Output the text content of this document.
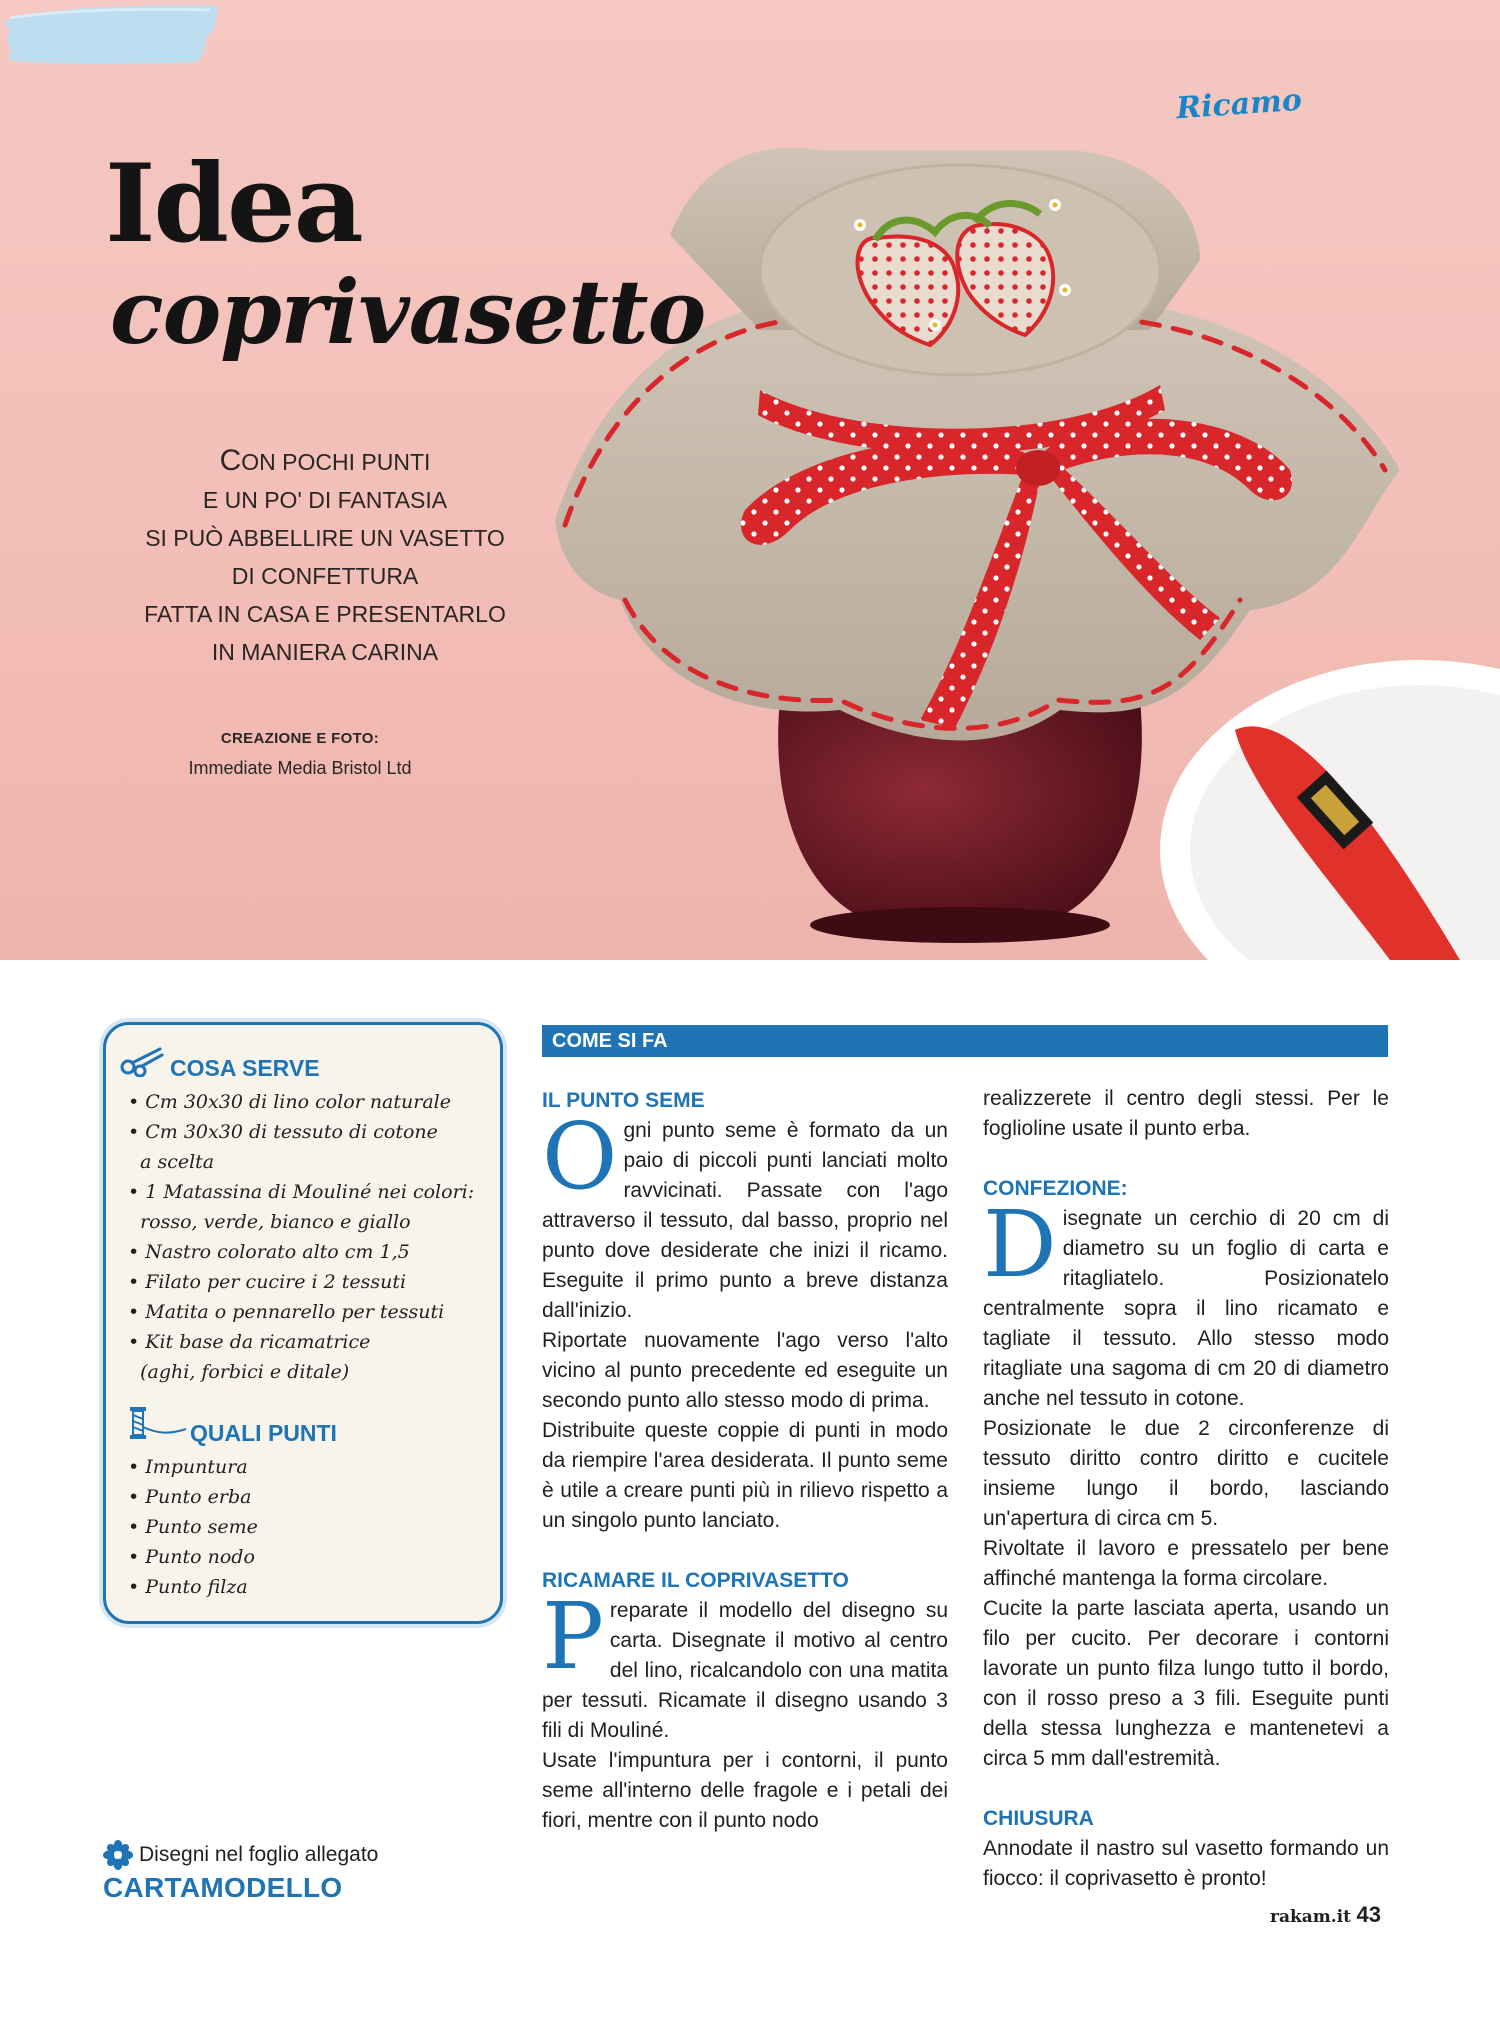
Ricamo
Idea
coprivasetto
CON POCHI PUNTI
E UN PO' DI FANTASIA
SI PUÒ ABBELLIRE UN VASETTO
DI CONFETTURA
FATTA IN CASA E PRESENTARLO
IN MANIERA CARINA
CREAZIONE E FOTO:
Immediate Media Bristol Ltd
COSA SERVE
• Cm 30x30 di lino color naturale
• Cm 30x30 di tessuto di cotone
a scelta
• 1 Matassina di Mouliné nei colori:
rosso, verde, bianco e giallo
• Nastro colorato alto cm 1,5
• Filato per cucire i 2 tessuti
• Matita o pennarello per tessuti
• Kit base da ricamatrice
(aghi, forbici e ditale)
QUALI PUNTI
• Impuntura
• Punto erba
• Punto seme
• Punto nodo
• Punto filza
Disegni nel foglio allegato
CARTAMODELLO
COME SI FA
IL PUNTO SEME

Ogni punto seme è formato da un paio di piccoli punti lanciati molto ravvicinati. Passate con l'ago attraverso il tessuto, dal basso, proprio nel punto dove desiderate che inizi il ricamo. Eseguite il primo punto a breve distanza dall'inizio.

Riportate nuovamente l'ago verso l'alto vicino al punto precedente ed eseguite un secondo punto allo stesso modo di prima.

Distribuite queste coppie di punti in modo da riempire l'area desiderata. Il punto seme è utile a creare punti più in rilievo rispetto a un singolo punto lanciato.

RICAMARE IL COPRIVASETTO

Preparate il modello del disegno su carta. Disegnate il motivo al centro del lino, ricalcandolo con una matita per tessuti. Ricamate il disegno usando 3 fili di Mouliné.

Usate l'impuntura per i contorni, il punto seme all'interno delle fragole e i petali dei fiori, mentre con il punto nodo

realizzerete il centro degli stessi. Per le foglioline usate il punto erba.

CONFEZIONE:

Disegnate un cerchio di 20 cm di diametro su un foglio di carta e ritagliatelo. Posizionatelo centralmente sopra il lino ricamato e tagliate il tessuto. Allo stesso modo ritagliate una sagoma di cm 20 di diametro anche nel tessuto in cotone.

Posizionate le due 2 circonferenze di tessuto diritto contro diritto e cucitele insieme lungo il bordo, lasciando un'apertura di circa cm 5.

Rivoltate il lavoro e pressatelo per bene affinché mantenga la forma circolare.

Cucite la parte lasciata aperta, usando un filo per cucito. Per decorare i contorni lavorate un punto filza lungo tutto il bordo, con il rosso preso a 3 fili. Eseguite punti della stessa lunghezza e mantenetevi a circa 5 mm dall'estremità.

CHIUSURA

Annodate il nastro sul vasetto formando un fiocco: il coprivasetto è pronto!

rakam.it 43
